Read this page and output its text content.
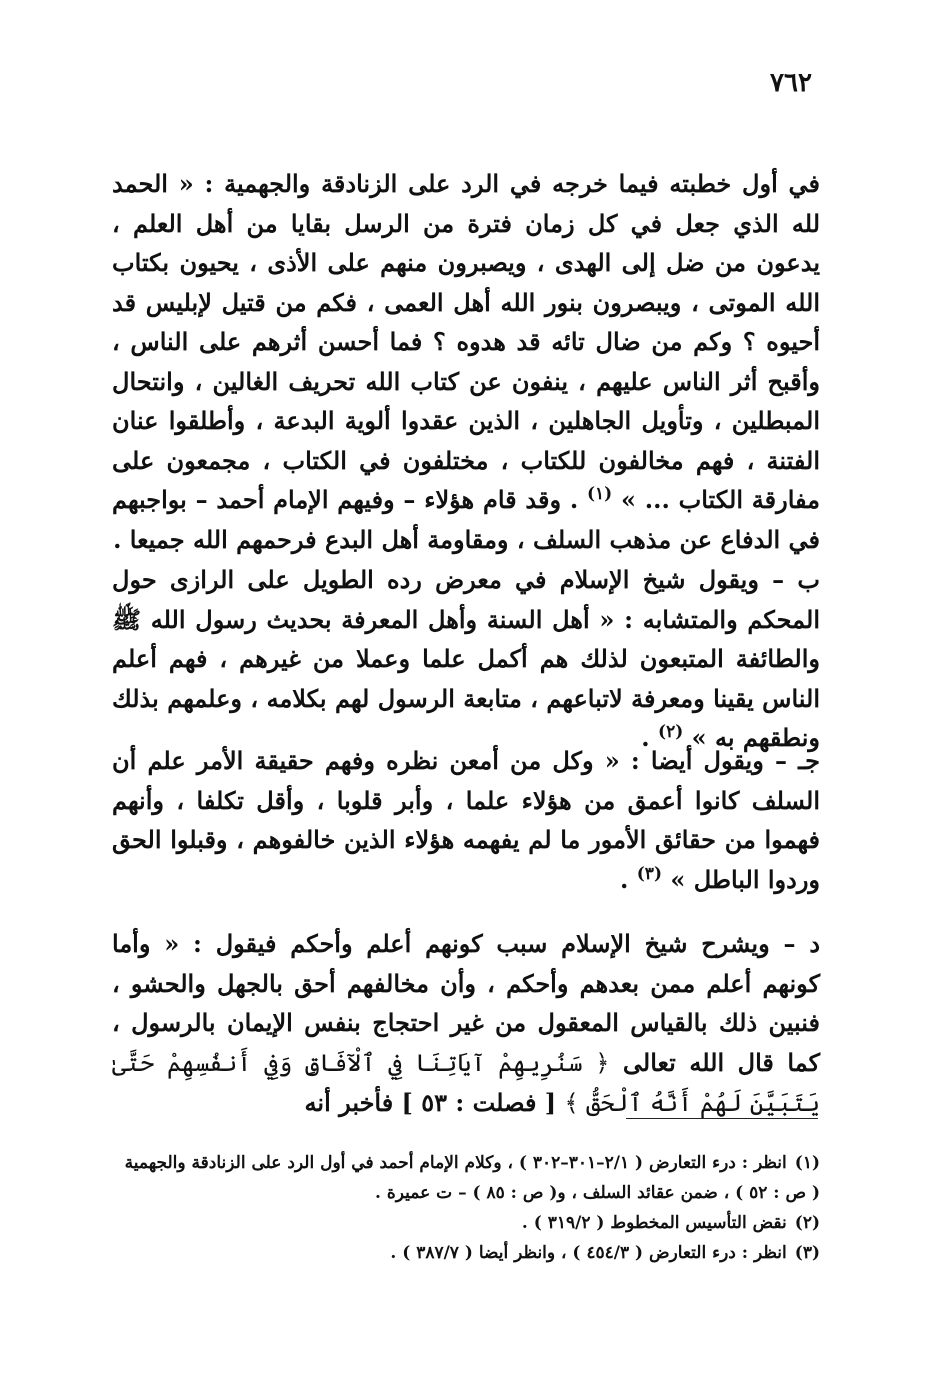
٧٦٢

في أول خطبته فيما خرجه في الرد على الزنادقة والجهمية : « الحمد لله الذي جعل في كل زمان فترة من الرسل بقايا من أهل العلم ، يدعون من ضل إلى الهدى ، ويصبرون منهم على الأذى ، يحيون بكتاب الله الموتى ، ويبصرون بنور الله أهل العمى ، فكم من قتيل لإبليس قد أحيوه ؟ وكم من ضال تائه قد هدوه ؟ فما أحسن أثرهم على الناس ، وأقبح أثر الناس عليهم ، ينفون عن كتاب الله تحريف الغالين ، وانتحال المبطلين ، وتأويل الجاهلين ، الذين عقدوا ألوية البدعة ، وأطلقوا عنان الفتنة ، فهم مخالفون للكتاب ، مختلفون في الكتاب ، مجمعون على مفارقة الكتاب ... » $^{(١)}$ . وقد قام هؤلاء – وفيهم الإمام أحمد – بواجبهم في الدفاع عن مذهب السلف ، ومقاومة أهل البدع فرحمهم الله جميعا .

ب – ويقول شيخ الإسلام في معرض رده الطويل على الرازى حول المحكم والمتشابه : « أهل السنة وأهل المعرفة بحديث رسول الله ﷺ والطائفة المتبعون لذلك هم أكمل علما وعملا من غيرهم ، فهم أعلم الناس يقينا ومعرفة لاتباعهم ، متابعة الرسول لهم بكلامه ، وعلمهم بذلك ونطقهم به » $^{(٢)}$ .

جـ – ويقول أيضا : « وكل من أمعن نظره وفهم حقيقة الأمر علم أن السلف كانوا أعمق من هؤلاء علما ، وأبر قلوبا ، وأقل تكلفا ، وأنهم فهموا من حقائق الأمور ما لم يفهمه هؤلاء الذين خالفوهم ، وقبلوا الحق وردوا الباطل » $^{(٣)}$ .

د – ويشرح شيخ الإسلام سبب كونهم أعلم وأحكم فيقول : « وأما كونهم أعلم ممن بعدهم وأحكم ، وأن مخالفهم أحق بالجهل والحشو ، فنبين ذلك بالقياس المعقول من غير احتجاج بنفس الإيمان بالرسول ، كما قال الله تعالى ﴿ سَنُرِيهِمْ آيَاتِنَا فِي ٱلْآفَاقِ وَفِي أَنفُسِهِمْ حَتَّىٰ يَتَبَيَّنَ لَهُمْ أَنَّهُ ٱلْحَقُّ ﴾ [ فصلت : ٥٣ ] فأخبر أنه

(١)انظر : درء التعارض ( ٢/١–٣٠١–٣٠٢ ) ، وكلام الإمام أحمد في أول الرد على الزنادقة والجهمية ( ص : ٥٢ ) ، ضمن عقائد السلف ، و( ص : ٨٥ ) – ت عميرة .
(٢)نقض التأسيس المخطوط ( ٣١٩/٢ ) .
(٣)انظر : درء التعارض ( ٤٥٤/٣ ) ، وانظر أيضا ( ٣٨٧/٧ ) .
